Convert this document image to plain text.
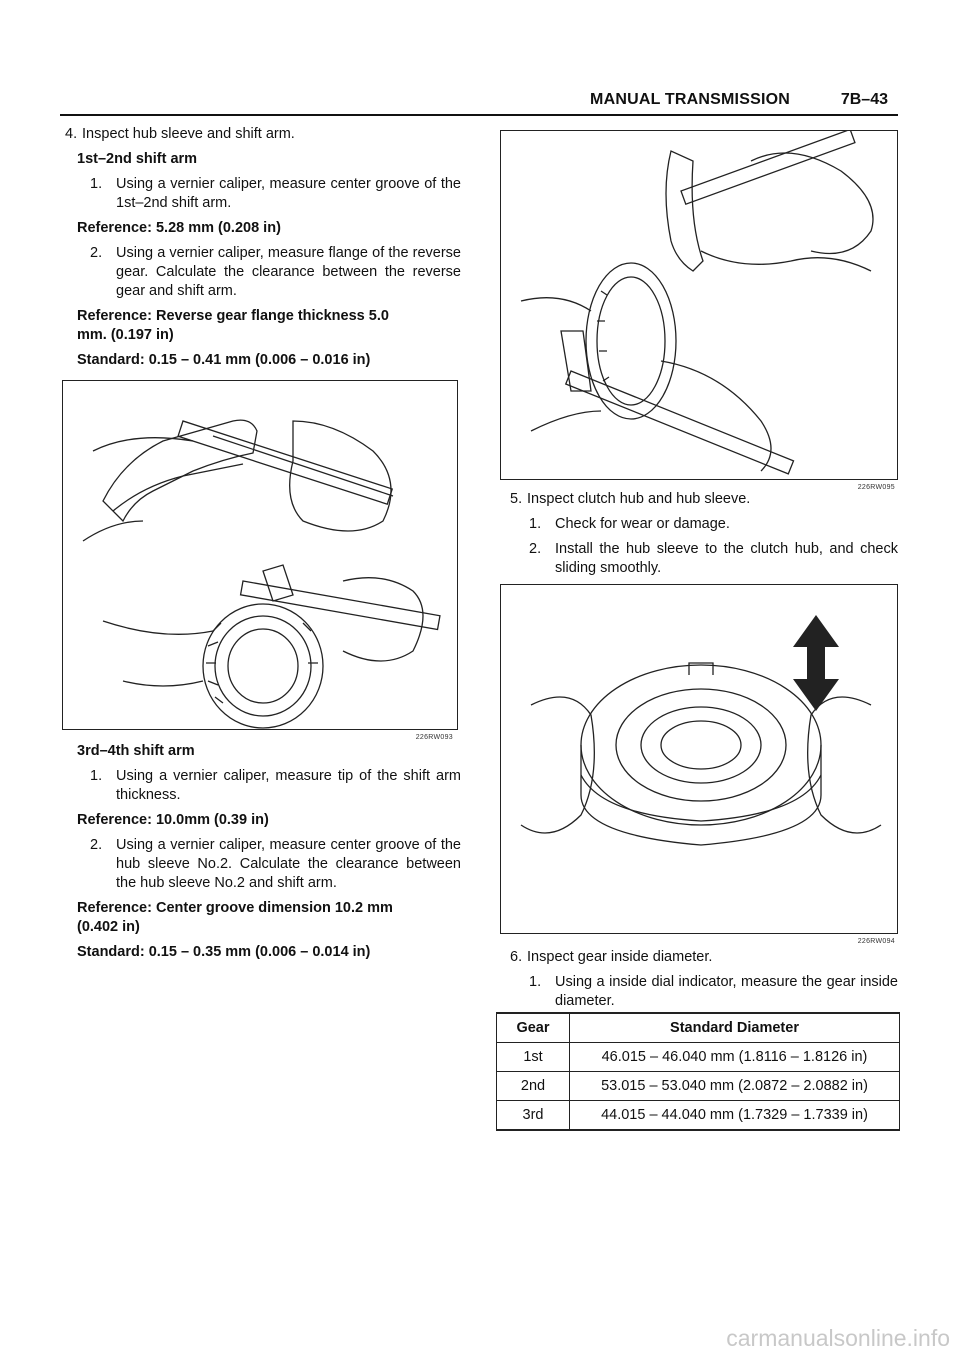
MANUAL TRANSMISSION	7B–43

4. Inspect hub sleeve and shift arm.

1st–2nd shift arm

1. Using a vernier caliper, measure center groove of the 1st–2nd shift arm.

Reference: 5.28 mm (0.208 in)

2. Using a vernier caliper, measure flange of the reverse gear. Calculate the clearance between the reverse gear and shift arm.

Reference: Reverse gear flange thickness 5.0

mm. (0.197 in)

Standard: 0.15 – 0.41 mm (0.006 – 0.016 in)

226RW093

3rd–4th shift arm

1. Using a vernier caliper, measure tip of the shift arm thickness.

Reference: 10.0mm (0.39 in)

2. Using a vernier caliper, measure center groove of the hub sleeve No.2. Calculate the clearance between the hub sleeve No.2 and shift arm.

Reference: Center groove dimension 10.2 mm

(0.402 in)

Standard: 0.15 – 0.35 mm (0.006 – 0.014 in)

226RW095

5. Inspect clutch hub and hub sleeve.

1. Check for wear or damage.
2. Install the hub sleeve to the clutch hub, and check sliding smoothly.
226RW094

6. Inspect gear inside diameter.

1. Using a inside dial indicator, measure the gear inside diameter.
Gear	Standard Diameter
1st	46.015 – 46.040 mm (1.8116 – 1.8126 in)
2nd	53.015 – 53.040 mm (2.0872 – 2.0882 in)
3rd	44.015 – 44.040 mm (1.7329 – 1.7339 in)
carmanualsonline.info
